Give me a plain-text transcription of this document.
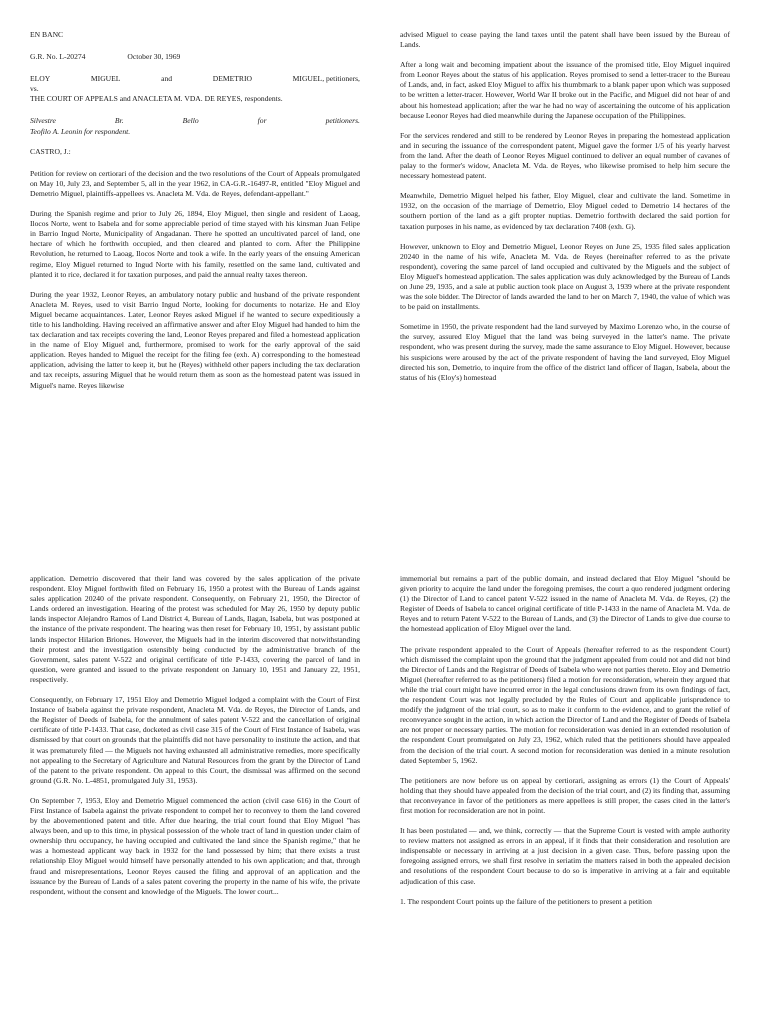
EN BANC
G.R. No. L-20274	October 30, 1969
ELOY	MIGUEL	and	DEMETRIO	MIGUEL, petitioners,
vs.
THE COURT OF APPEALS and ANACLETA M. VDA. DE REYES, respondents.
Silvestre	Br.	Bello	for	petitioners.
Teofilo A. Leonin for respondent.
CASTRO, J.:

Petition for review on certiorari of the decision and the two resolutions of the Court of Appeals promulgated on May 10, July 23, and September 5, all in the year 1962, in CA-G.R.-16497-R, entitled "Eloy Miguel and Demetrio Miguel, plaintiffs-appellees vs. Anacleta M. Vda. de Reyes, defendant-appellant."

During the Spanish regime and prior to July 26, 1894, Eloy Miguel, then single and resident of Laoag, Ilocos Norte, went to Isabela and for some appreciable period of time stayed with his kinsman Juan Felipe in Barrio Ingud Norte, Municipality of Angadanan. There he spotted an uncultivated parcel of land, one hectare of which he forthwith occupied, and then cleared and planted to corn. After the Philippine Revolution, he returned to Laoag, Ilocos Norte and took a wife. In the early years of the ensuing American regime, Eloy Miguel returned to Ingud Norte with his family, resettled on the same land, cultivated and planted it to rice, declared it for taxation purposes, and paid the annual realty taxes thereon.

During the year 1932, Leonor Reyes, an ambulatory notary public and husband of the private respondent Anacleta M. Reyes, used to visit Barrio Ingud Norte, looking for documents to notarize. He and Eloy Miguel became acquaintances. Later, Leonor Reyes asked Miguel if he wanted to secure expeditiously a title to his landholding. Having received an affirmative answer and after Eloy Miguel had handed to him the tax declaration and tax receipts covering the land, Leonor Reyes prepared and filed a homestead application in the name of Eloy Miguel and, furthermore, promised to work for the early approval of the said application. Reyes handed to Miguel the receipt for the filing fee (exh. A) corresponding to the homestead application, advising the latter to keep it, but he (Reyes) withheld other papers including the tax declaration and tax receipts, assuring Miguel that he would return them as soon as the homestead patent was issued in Miguel's name. Reyes likewise

advised Miguel to cease paying the land taxes until the patent shall have been issued by the Bureau of Lands.

After a long wait and becoming impatient about the issuance of the promised title, Eloy Miguel inquired from Leonor Reyes about the status of his application. Reyes promised to send a letter-tracer to the Bureau of Lands, and, in fact, asked Eloy Miguel to affix his thumbmark to a blank paper upon which was supposed to be written a letter-tracer. However, World War II broke out in the Pacific, and Miguel did not hear of and about his homestead application; after the war he had no way of ascertaining the outcome of his application because Leonor Reyes had died meanwhile during the Japanese occupation of the Philippines.

For the services rendered and still to be rendered by Leonor Reyes in preparing the homestead application and in securing the issuance of the correspondent patent, Miguel gave the former 1/5 of his yearly harvest from the land. After the death of Leonor Reyes Miguel continued to deliver an equal number of cavanes of palay to the former's widow, Anacleta M. Vda. de Reyes, who likewise promised to help him secure the necessary homestead patent.

Meanwhile, Demetrio Miguel helped his father, Eloy Miguel, clear and cultivate the land. Sometime in 1932, on the occasion of the marriage of Demetrio, Eloy Miguel ceded to Demetrio 14 hectares of the southern portion of the land as a gift propter nuptias. Demetrio forthwith declared the said portion for taxation purposes in his name, as evidenced by tax declaration 7408 (exh. G).

However, unknown to Eloy and Demetrio Miguel, Leonor Reyes on June 25, 1935 filed sales application 20240 in the name of his wife, Anacleta M. Vda. de Reyes (hereinafter referred to as the private respondent), covering the same parcel of land occupied and cultivated by the Miguels and the subject of Eloy Miguel's homestead application. The sales application was duly acknowledged by the Bureau of Lands on June 29, 1935, and a sale at public auction took place on August 3, 1939 where at the private respondent was the sole bidder. The Director of lands awarded the land to her on March 7, 1940, the value of which was to be paid on installments.

Sometime in 1950, the private respondent had the land surveyed by Maximo Lorenzo who, in the course of the survey, assured Eloy Miguel that the land was being surveyed in the latter's name. The private respondent, who was present during the survey, made the same assurance to Eloy Miguel. However, because his suspicions were aroused by the act of the private respondent of having the land surveyed, Eloy Miguel directed his son, Demetrio, to inquire from the office of the district land officer of Ilagan, Isabela, about the status of his (Eloy's) homestead

application. Demetrio discovered that their land was covered by the sales application of the private respondent. Eloy Miguel forthwith filed on February 16, 1950 a protest with the Bureau of Lands against sales application 20240 of the private respondent. Consequently, on February 21, 1950, the Director of Lands ordered an investigation. Hearing of the protest was scheduled for May 26, 1950 by deputy public lands inspector Alejandro Ramos of Land District 4, Bureau of Lands, Ilagan, Isabela, but was postponed at the instance of the private respondent. The hearing was then reset for February 10, 1951, by assistant public lands inspector Hilarion Briones. However, the Miguels had in the interim discovered that notwithstanding their protest and the investigation ostensibly being conducted by the administrative branch of the Government, sales patent V-522 and original certificate of title P-1433, covering the parcel of land in question, were granted and issued to the private respondent on January 10, 1951 and January 22, 1951, respectively.

Consequently, on February 17, 1951 Eloy and Demetrio Miguel lodged a complaint with the Court of First Instance of Isabela against the private respondent, Anacleta M. Vda. de Reyes, the Director of Lands, and the Register of Deeds of Isabela, for the annulment of sales patent V-522 and the cancellation of original certificate of title P-1433. That case, docketed as civil case 315 of the Court of First Instance of Isabela, was dismissed by that court on grounds that the plaintiffs did not have personality to institute the action, and that it was prematurely filed — the Miguels not having exhausted all administrative remedies, more specifically not appealing to the Secretary of Agriculture and Natural Resources from the grant by the Director of Land of the patent to the private respondent. On appeal to this Court, the dismissal was affirmed on the second ground (G.R. No. L-4851, promulgated July 31, 1953).

On September 7, 1953, Eloy and Demetrio Miguel commenced the action (civil case 616) in the Court of First Instance of Isabela against the private respondent to compel her to reconvey to them the land covered by the abovementioned patent and title. After due hearing, the trial court found that Eloy Miguel "has always been, and up to this time, in physical possession of the whole tract of land in question under claim of ownership thru occupancy, he having occupied and cultivated the land since the Spanish regime," that he was a homestead applicant way back in 1932 for the land possessed by him; that there exists a trust relationship Eloy Miguel would himself have personally attended to his own application; and that, through fraud and misrepresentations, Leonor Reyes caused the filing and approval of an application and the issuance by the Bureau of Lands of a sales patent covering the property in the name of his wife, the private respondent, without the consent and knowledge of the Miguels. The lower court...

immemorial but remains a part of the public domain, and instead declared that Eloy Miguel "should be given priority to acquire the land under the foregoing premises, the court a quo rendered judgment ordering (1) the Director of Land to cancel patent V-522 issued in the name of Anacleta M. Vda. de Reyes, (2) the Register of Deeds of Isabela to cancel original certificate of title P-1433 in the name of Anacleta M. Vda. de Reyes and to return Patent V-522 to the Bureau of Lands, and (3) the Director of Lands to give due course to the homestead application of Eloy Miguel over the land.

The private respondent appealed to the Court of Appeals (hereafter referred to as the respondent Court) which dismissed the complaint upon the ground that the judgment appealed from could not and did not bind the Director of Lands and the Registrar of Deeds of Isabela who were not parties thereto. Eloy and Demetrio Miguel (hereafter referred to as the petitioners) filed a motion for reconsideration, wherein they argued that while the trial court might have incurred error in the legal conclusions drawn from its own findings of fact, the respondent Court was not legally precluded by the Rules of Court and applicable jurisprudence to modify the judgment of the trial court, so as to make it conform to the evidence, and to grant the relief of reconveyance sought in the action, in which action the Director of Land and the Register of Deeds of Isabela are not proper or necessary parties. The motion for reconsideration was denied in an extended resolution of the respondent Court promulgated on July 23, 1962, which ruled that the petitioners should have appealed from the decision of the trial court. A second motion for reconsideration was denied in a minute resolution dated September 5, 1962.

The petitioners are now before us on appeal by certiorari, assigning as errors (1) the Court of Appeals' holding that they should have appealed from the decision of the trial court, and (2) its finding that, assuming that reconveyance in favor of the petitioners as mere appellees is still proper, the cases cited in the latter's first motion for reconsideration are not in point.

It has been postulated — and, we think, correctly — that the Supreme Court is vested with ample authority to review matters not assigned as errors in an appeal, if it finds that their consideration and resolution are indispensable or necessary in arriving at a just decision in a given case. Thus, before passing upon the foregoing assigned errors, we shall first resolve in seriatim the matters raised in both the appealed decision and resolutions of the respondent Court because to do so is imperative in arriving at a fair and equitable adjudication of this case.

1. The respondent Court points up the failure of the petitioners to present a petition
